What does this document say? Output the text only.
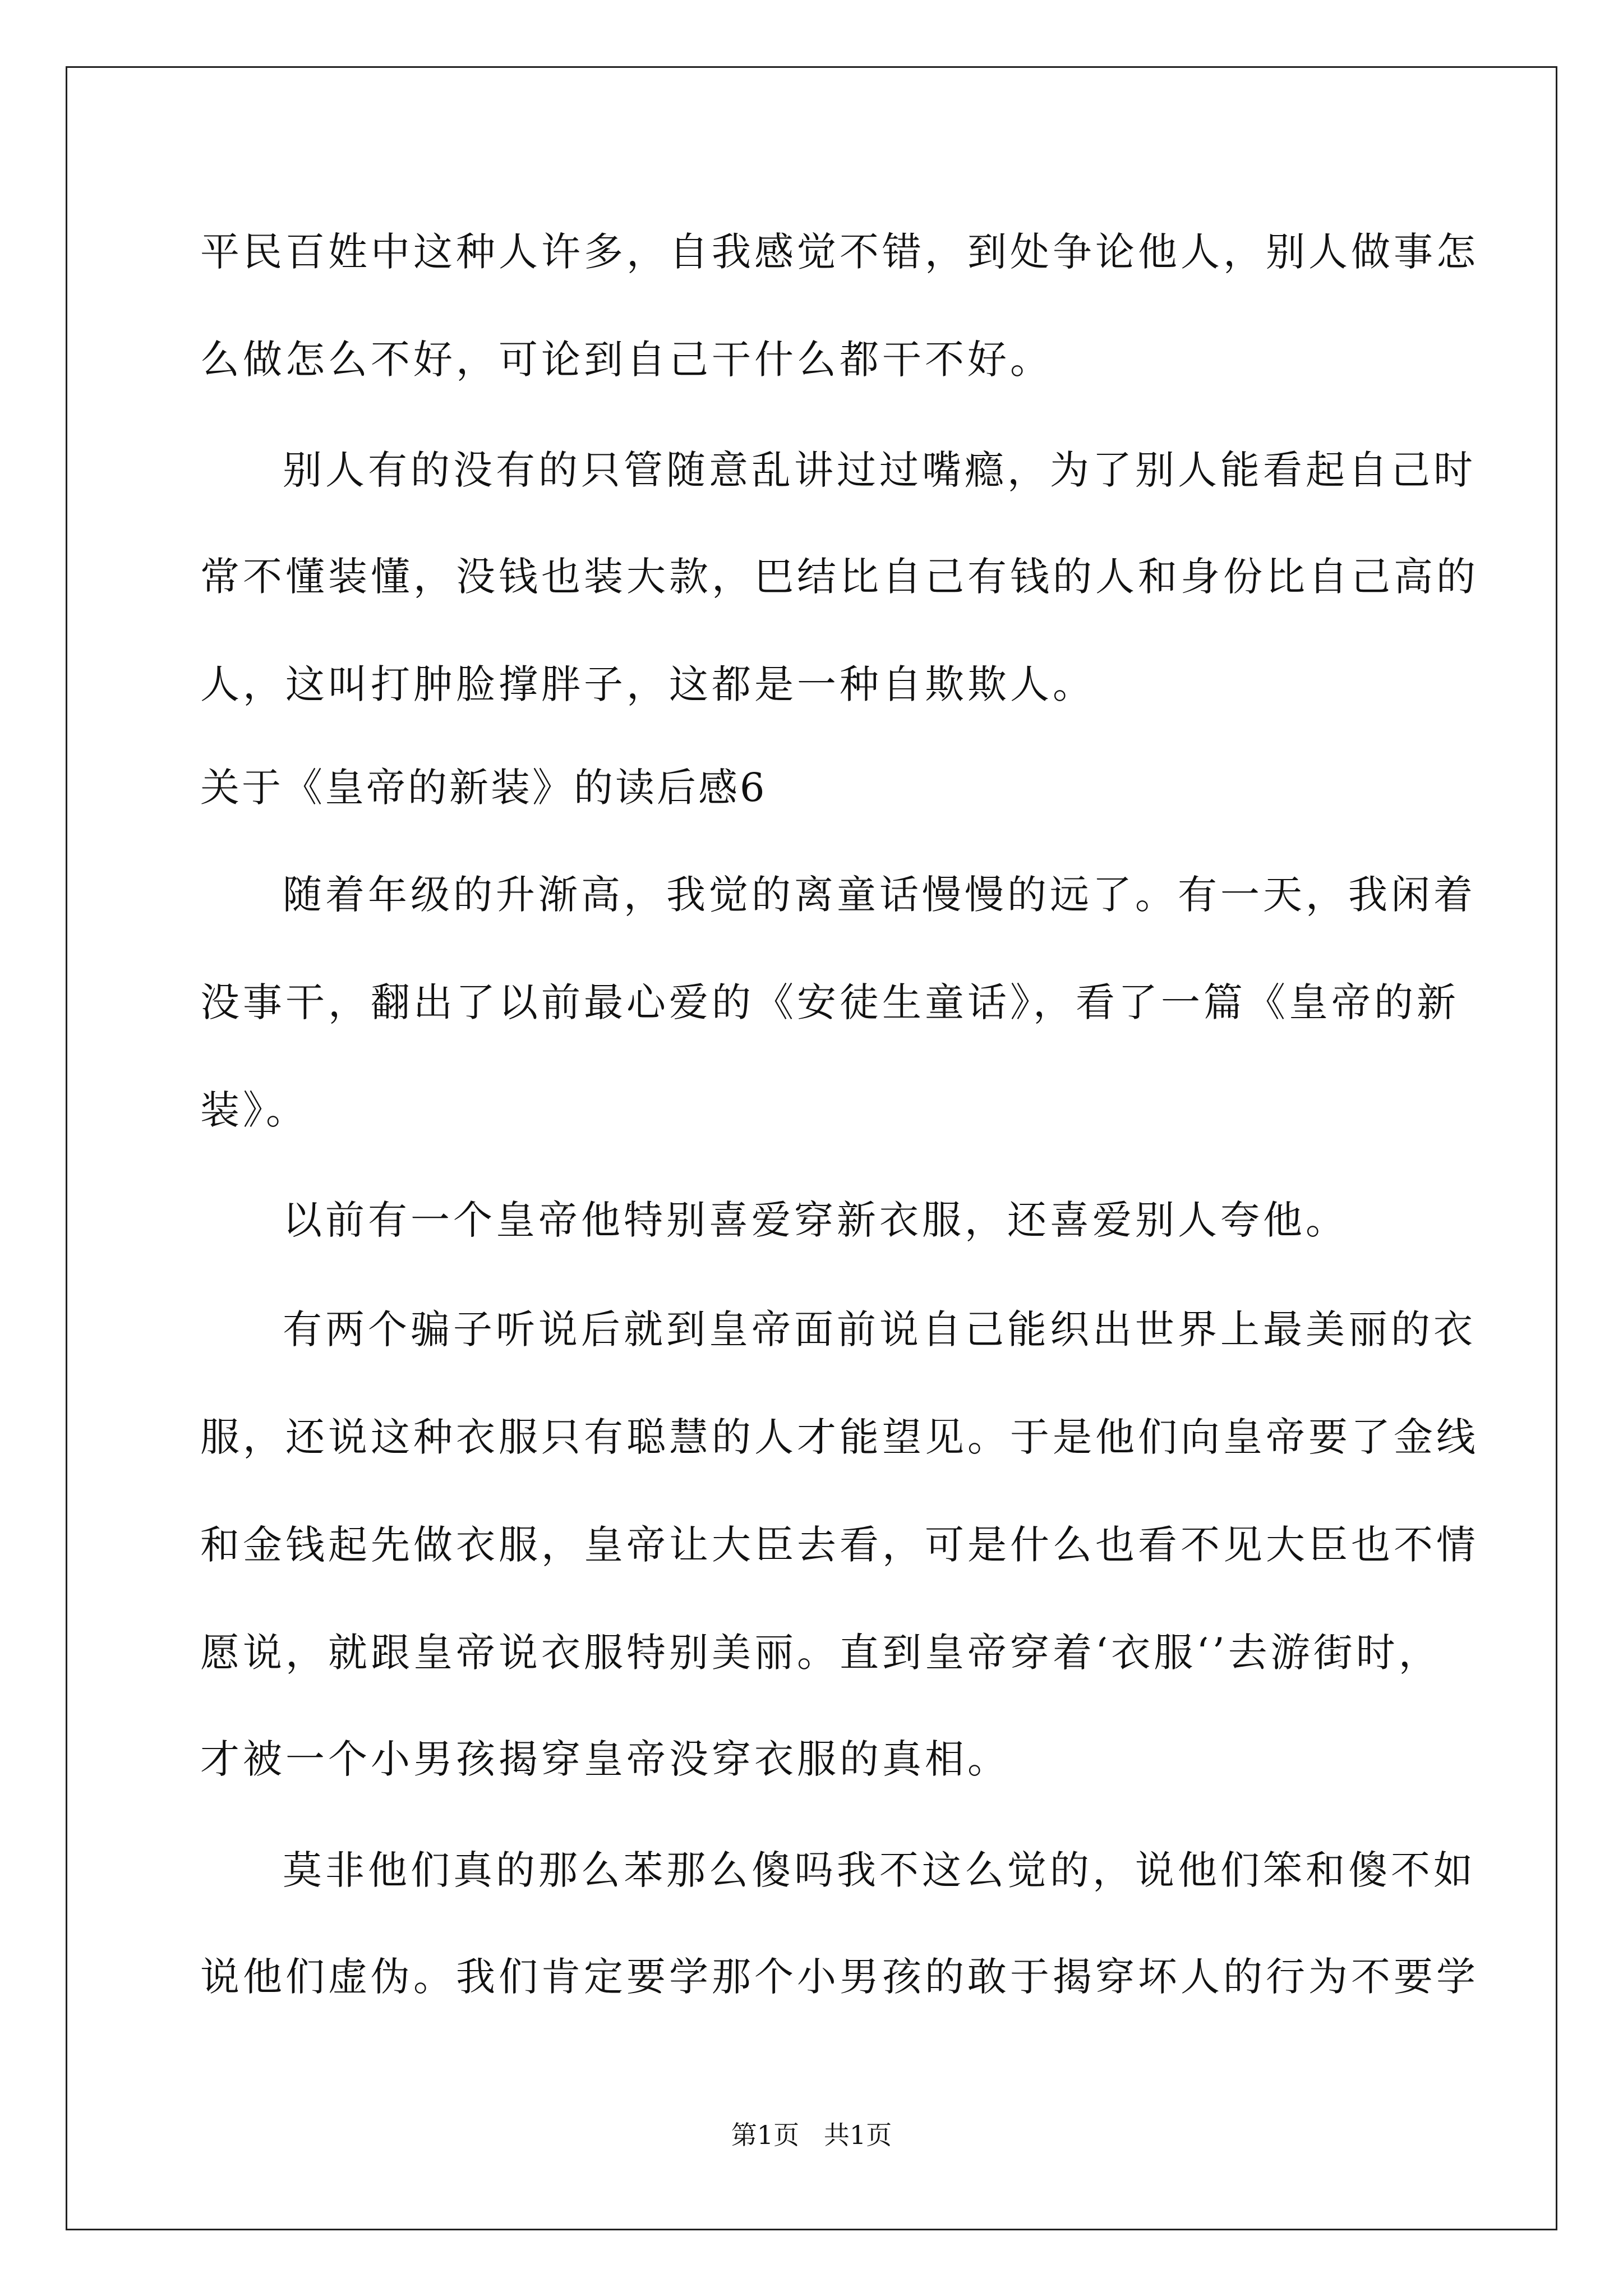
平民百姓中这种人许多，自我感觉不错，到处争论他人，别人做事怎
么做怎么不好，可论到自己干什么都干不好。
别人有的没有的只管随意乱讲过过嘴瘾，为了别人能看起自己时
常不懂装懂，没钱也装大款，巴结比自己有钱的人和身份比自己高的
人，这叫打肿脸撑胖子，这都是一种自欺欺人。
关于《皇帝的新装》的读后感6
随着年级的升渐高，我觉的离童话慢慢的远了。有一天，我闲着
没事干，翻出了以前最心爱的《安徒生童话》，看了一篇《皇帝的新
装》。
以前有一个皇帝他特别喜爱穿新衣服，还喜爱别人夸他。
有两个骗子听说后就到皇帝面前说自己能织出世界上最美丽的衣
服，还说这种衣服只有聪慧的人才能望见。于是他们向皇帝要了金线
和金钱起先做衣服，皇帝让大臣去看，可是什么也看不见大臣也不情
愿说，就跟皇帝说衣服特别美丽。直到皇帝穿着‘衣服‘’去游街时，
才被一个小男孩揭穿皇帝没穿衣服的真相。
莫非他们真的那么苯那么傻吗我不这么觉的，说他们笨和傻不如
说他们虚伪。我们肯定要学那个小男孩的敢于揭穿坏人的行为不要学
第1页   共1页
